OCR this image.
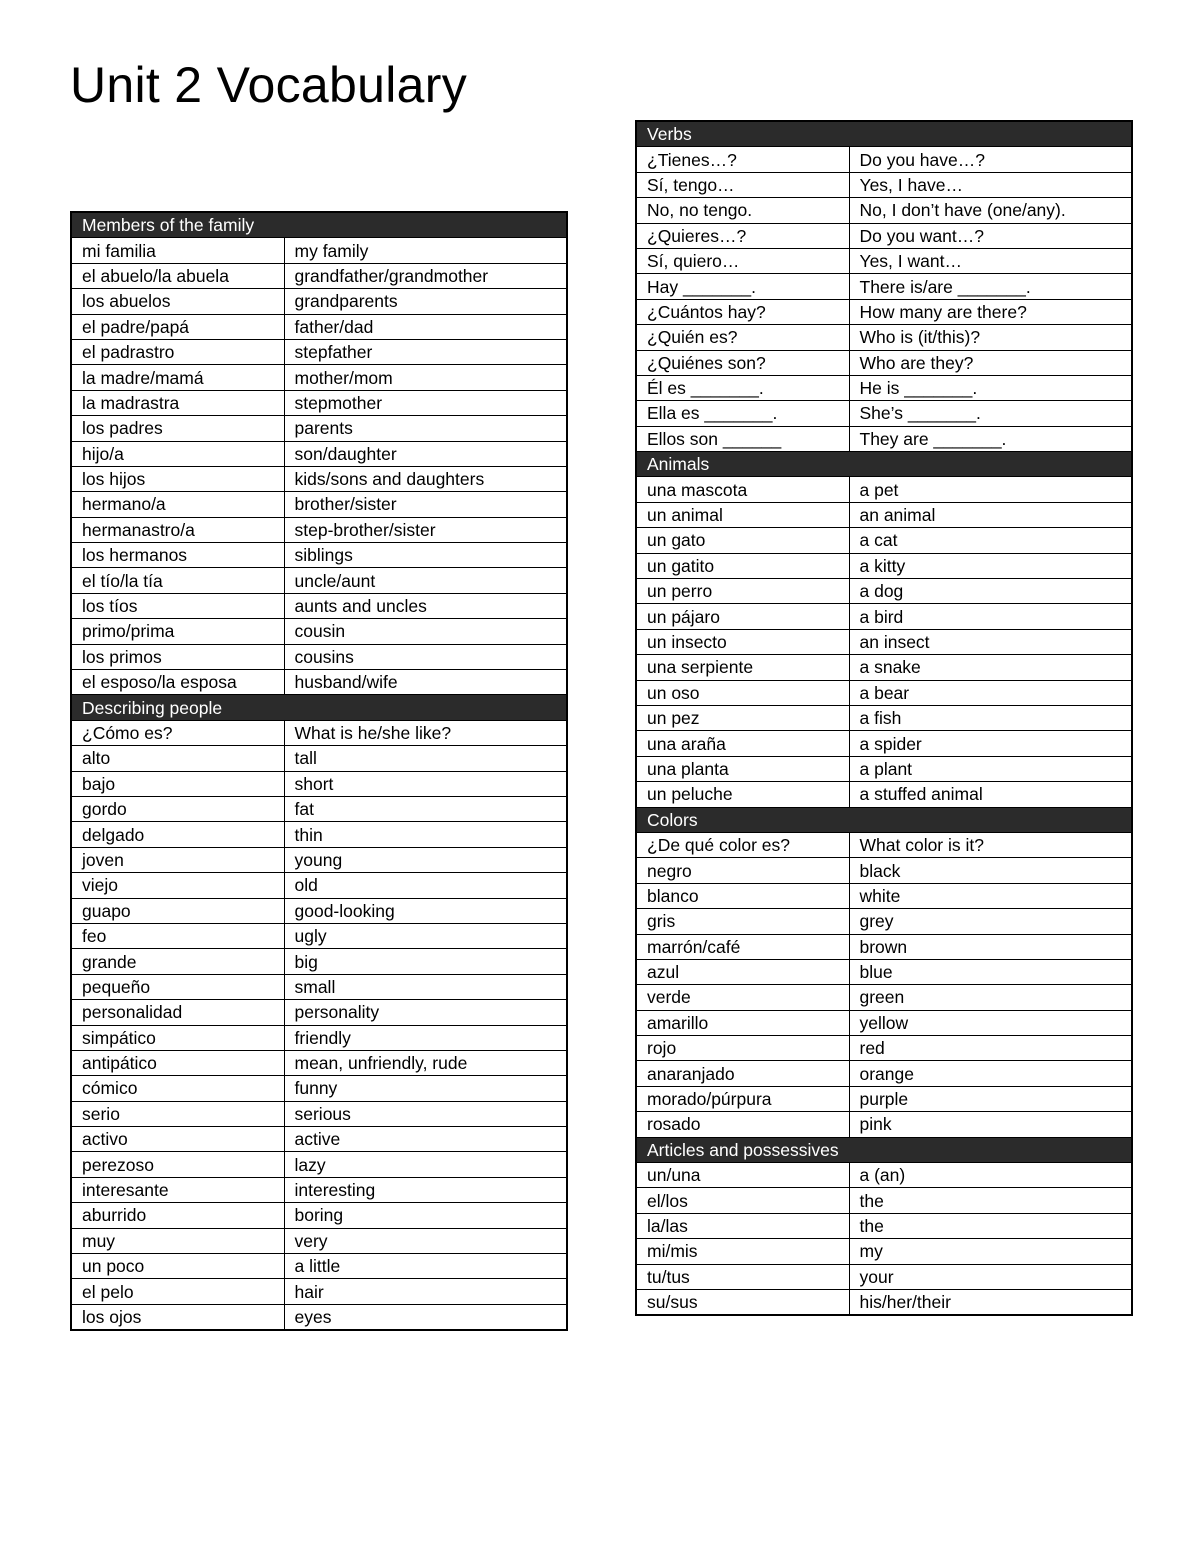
Unit 2 Vocabulary
Members of the family	
mi familia	my family
el abuelo/la abuela	grandfather/grandmother
los abuelos	grandparents
el padre/papá	father/dad
el padrastro	stepfather
la madre/mamá	mother/mom
la madrastra	stepmother
los padres	parents
hijo/a	son/daughter
los hijos	kids/sons and daughters
hermano/a	brother/sister
hermanastro/a	step-brother/sister
los hermanos	siblings
el tío/la tía	uncle/aunt
los tíos	aunts and uncles
primo/prima	cousin
los primos	cousins
el esposo/la esposa	husband/wife
Describing people	
¿Cómo es?	What is he/she like?
alto	tall
bajo	short
gordo	fat
delgado	thin
joven	young
viejo	old
guapo	good-looking
feo	ugly
grande	big
pequeño	small
personalidad	personality
simpático	friendly
antipático	mean, unfriendly, rude
cómico	funny
serio	serious
activo	active
perezoso	lazy
interesante	interesting
aburrido	boring
muy	very
un poco	a little
el pelo	hair
los ojos	eyes
Verbs	
¿Tienes…?	Do you have…?
Sí, tengo…	Yes, I have…
No, no tengo.	No, I don’t have (one/any).
¿Quieres…?	Do you want…?
Sí, quiero…	Yes, I want…
Hay _______.	There is/are _______.
¿Cuántos hay?	How many are there?
¿Quién es?	Who is (it/this)?
¿Quiénes son?	Who are they?
Él es _______.	He is _______.
Ella es _______.	She’s _______.
Ellos son ______	They are _______.
Animals	
una mascota	a pet
un animal	an animal
un gato	a cat
un gatito	a kitty
un perro	a dog
un pájaro	a bird
un insecto	an insect
una serpiente	a snake
un oso	a bear
un pez	a fish
una araña	a spider
una planta	a plant
un peluche	a stuffed animal
Colors	
¿De qué color es?	What color is it?
negro	black
blanco	white
gris	grey
marrón/café	brown
azul	blue
verde	green
amarillo	yellow
rojo	red
anaranjado	orange
morado/púrpura	purple
rosado	pink
Articles and possessives	
un/una	a (an)
el/los	the
la/las	the
mi/mis	my
tu/tus	your
su/sus	his/her/their
